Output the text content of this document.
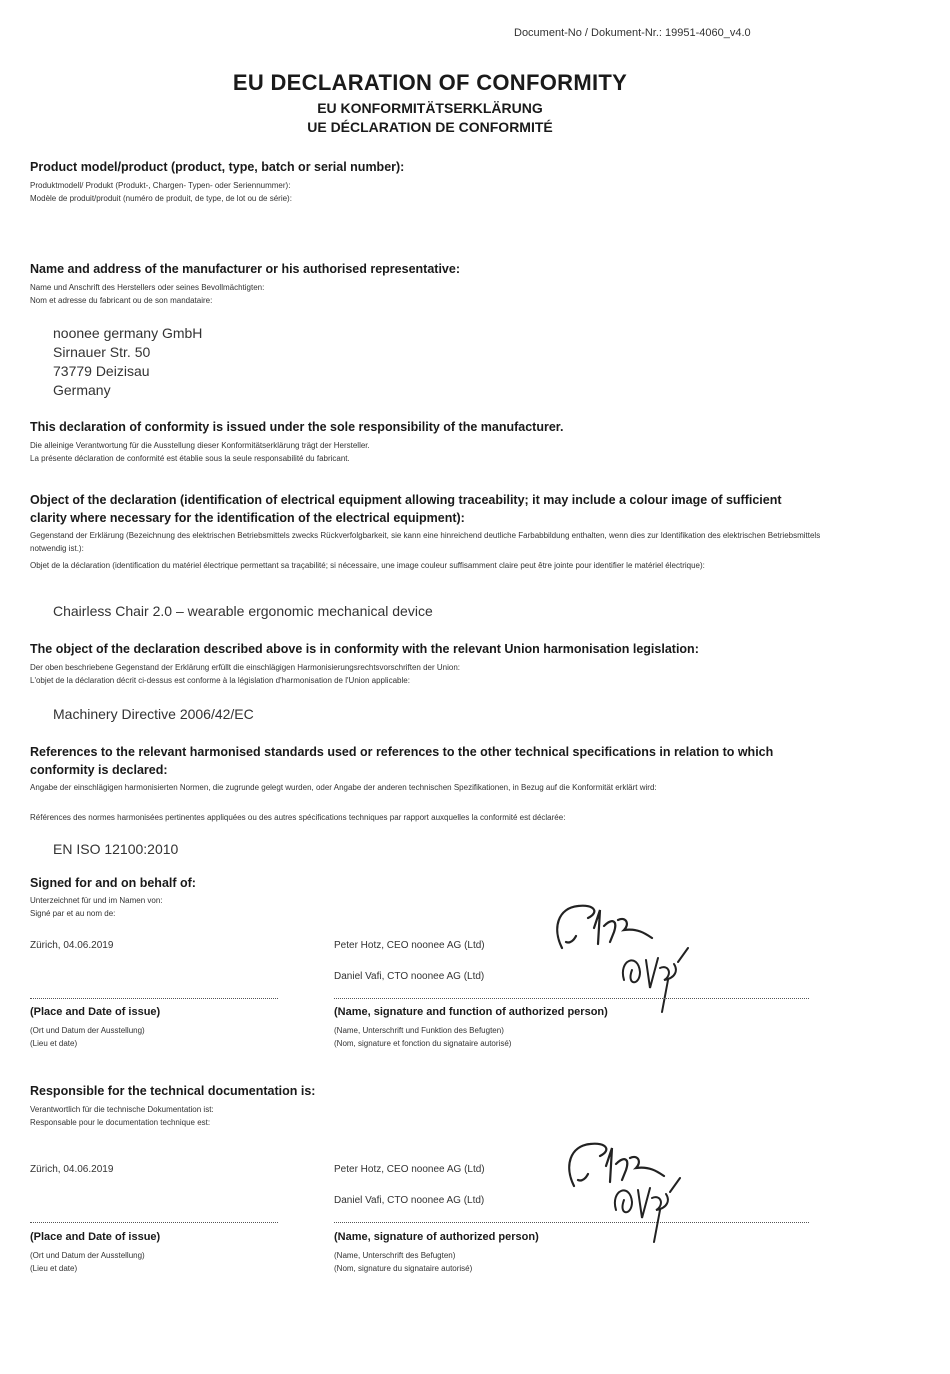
Document-No / Dokument-Nr.: 19951-4060_v4.0
EU DECLARATION OF CONFORMITY
EU KONFORMITÄTSERKLÄRUNG
UE DÉCLARATION DE CONFORMITÉ
Product model/product (product, type, batch or serial number):
Produktmodell/ Produkt (Produkt-, Chargen- Typen- oder Seriennummer):
Modèle de produit/produit (numéro de produit, de type, de lot ou de série):
Name and address of the manufacturer or his authorised representative:
Name und Anschrift des Herstellers oder seines Bevollmächtigten:
Nom et adresse du fabricant ou de son mandataire:
noonee germany GmbH
Sirnauer Str. 50
73779 Deizisau
Germany
This declaration of conformity is issued under the sole responsibility of the manufacturer.
Die alleinige Verantwortung für die Ausstellung dieser Konformitätserklärung trägt der Hersteller.
La présente déclaration de conformité est établie sous la seule responsabilité du fabricant.
Object of the declaration (identification of electrical equipment allowing traceability; it may include a colour image of sufficient clarity where necessary for the identification of the electrical equipment):
Gegenstand der Erklärung (Bezeichnung des elektrischen Betriebsmittels zwecks Rückverfolgbarkeit, sie kann eine hinreichend deutliche Farbabbildung enthalten, wenn dies zur Identifikation des elektrischen Betriebsmittels notwendig ist.):
Objet de la déclaration (identification du matériel électrique permettant sa traçabilité; si nécessaire, une image couleur suffisamment claire peut être jointe pour identifier le matériel électrique):
Chairless Chair 2.0 – wearable ergonomic mechanical device
The object of the declaration described above is in conformity with the relevant Union harmonisation legislation:
Der oben beschriebene Gegenstand der Erklärung erfüllt die einschlägigen Harmonisierungsrechtsvorschriften der Union:
L'objet de la déclaration décrit ci-dessus est conforme à la législation d'harmonisation de l'Union applicable:
Machinery Directive 2006/42/EC
References to the relevant harmonised standards used or references to the other technical specifications in relation to which conformity is declared:
Angabe der einschlägigen harmonisierten Normen, die zugrunde gelegt wurden, oder Angabe der anderen technischen Spezifikationen, in Bezug auf die Konformität erklärt wird:
Références des normes harmonisées pertinentes appliquées ou des autres spécifications techniques par rapport auxquelles la conformité est déclarée:
EN ISO 12100:2010
Signed for and on behalf of:
Unterzeichnet für und im Namen von:
Signé par et au nom de:
Zürich, 04.06.2019	Peter Hotz, CEO noonee AG (Ltd)
Daniel Vafi, CTO noonee AG (Ltd)
(Place and Date of issue)
(Ort und Datum der Ausstellung)
(Lieu et date)
(Name, signature and function of authorized person)
(Name, Unterschrift und Funktion des Befugten)
(Nom, signature et fonction du signataire autorisé)
Responsible for the technical documentation is:
Verantwortlich für die technische Dokumentation ist:
Responsable pour le documentation technique est:
Zürich, 04.06.2019	Peter Hotz, CEO noonee AG (Ltd)
Daniel Vafi, CTO noonee AG (Ltd)
(Place and Date of issue)
(Ort und Datum der Ausstellung)
(Lieu et date)
(Name, signature of authorized person)
(Name, Unterschrift des Befugten)
(Nom, signature du signataire autorisé)
